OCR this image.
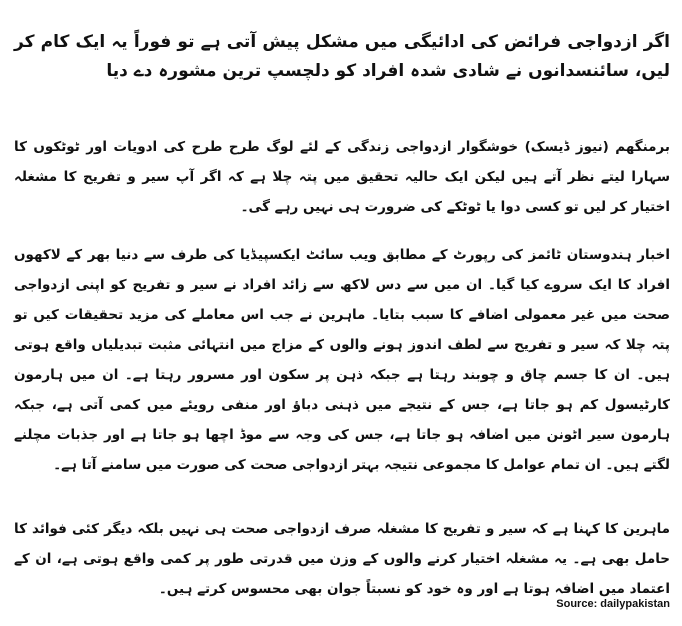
اگر ازدواجی فرائض کی ادائیگی میں مشکل پیش آتی ہے تو فوراً یہ ایک کام کر لیں، سائنسدانوں نے شادی شدہ افراد کو دلچسپ ترین مشورہ دے دیا

برمنگھم (نیوز ڈیسک) خوشگوار ازدواجی زندگی کے لئے لوگ طرح طرح کی ادویات اور ٹوٹکوں کا سہارا لیتے نظر آتے ہیں لیکن ایک حالیہ تحقیق میں پتہ چلا ہے کہ اگر آپ سیر و تفریح کا مشغلہ اختیار کر لیں تو کسی دوا یا ٹوٹکے کی ضرورت ہی نہیں رہے گی۔

اخبار ہندوستان ٹائمز کی رپورٹ کے مطابق ویب سائٹ ایکسپیڈیا کی طرف سے دنیا بھر کے لاکھوں افراد کا ایک سروے کیا گیا۔ ان میں سے دس لاکھ سے زائد افراد نے سیر و تفریح کو اپنی ازدواجی صحت میں غیر معمولی اضافے کا سبب بتایا۔ ماہرین نے جب اس معاملے کی مزید تحقیقات کیں تو پتہ چلا کہ سیر و تفریح سے لطف اندوز ہونے والوں کے مزاج میں انتہائی مثبت تبدیلیاں واقع ہوتی ہیں۔ ان کا جسم چاق و چوبند رہتا ہے جبکہ ذہن پر سکون اور مسرور رہتا ہے۔ ان میں ہارمون کارٹیسول کم ہو جاتا ہے، جس کے نتیجے میں ذہنی دباؤ اور منفی رویئے میں کمی آتی ہے، جبکہ ہارمون سیر اٹونن میں اضافہ ہو جاتا ہے، جس کی وجہ سے موڈ اچھا ہو جاتا ہے اور جذبات مچلنے لگتے ہیں۔ ان تمام عوامل کا مجموعی نتیجہ بہتر ازدواجی صحت کی صورت میں سامنے آتا ہے۔

ماہرین کا کہنا ہے کہ سیر و تفریح کا مشغلہ صرف ازدواجی صحت ہی نہیں بلکہ دیگر کئی فوائد کا حامل بھی ہے۔ یہ مشغلہ اختیار کرنے والوں کے وزن میں قدرتی طور پر کمی واقع ہوتی ہے، ان کے اعتماد میں اضافہ ہوتا ہے اور وہ خود کو نسبتاً جوان بھی محسوس کرتے ہیں۔

Source: dailypakistan
